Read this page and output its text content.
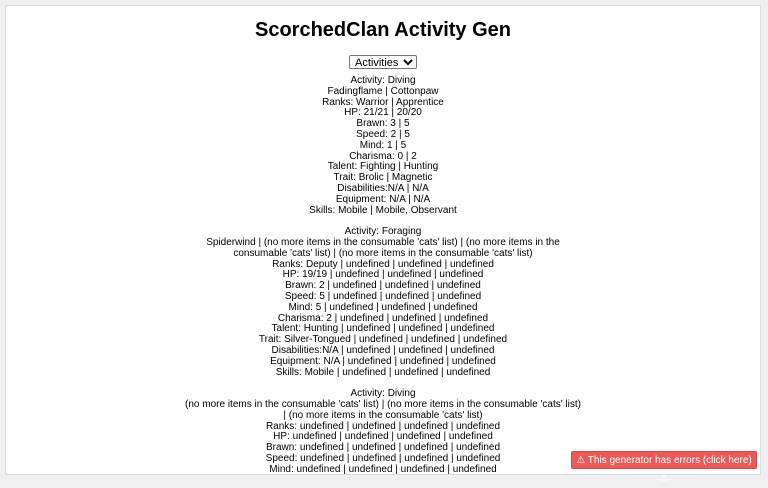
ScorchedClan Activity Gen
Activities
Activity: Diving
Fadingflame | Cottonpaw
Ranks: Warrior | Apprentice
HP: 21/21 | 20/20
Brawn: 3 | 5
Speed: 2 | 5
Mind: 1 | 5
Charisma: 0 | 2
Talent: Fighting | Hunting
Trait: Brolic | Magnetic
Disabilities:N/A | N/A
Equipment: N/A | N/A
Skills: Mobile | Mobile, Observant
Activity: Foraging
Spiderwind | (no more items in the consumable 'cats' list) | (no more items in the consumable 'cats' list) | (no more items in the consumable 'cats' list)
Ranks: Deputy | undefined | undefined | undefined
HP: 19/19 | undefined | undefined | undefined
Brawn: 2 | undefined | undefined | undefined
Speed: 5 | undefined | undefined | undefined
Mind: 5 | undefined | undefined | undefined
Charisma: 2 | undefined | undefined | undefined
Talent: Hunting | undefined | undefined | undefined
Trait: Silver-Tongued | undefined | undefined | undefined
Disabilities:N/A | undefined | undefined | undefined
Equipment: N/A | undefined | undefined | undefined
Skills: Mobile | undefined | undefined | undefined
Activity: Diving
(no more items in the consumable 'cats' list) | (no more items in the consumable 'cats' list) | (no more items in the consumable 'cats' list)
Ranks: undefined | undefined | undefined | undefined
HP: undefined | undefined | undefined | undefined
Brawn: undefined | undefined | undefined | undefined
Speed: undefined | undefined | undefined | undefined
Mind: undefined | undefined | undefined | undefined
⚠ This generator has errors (click here) ⚠
